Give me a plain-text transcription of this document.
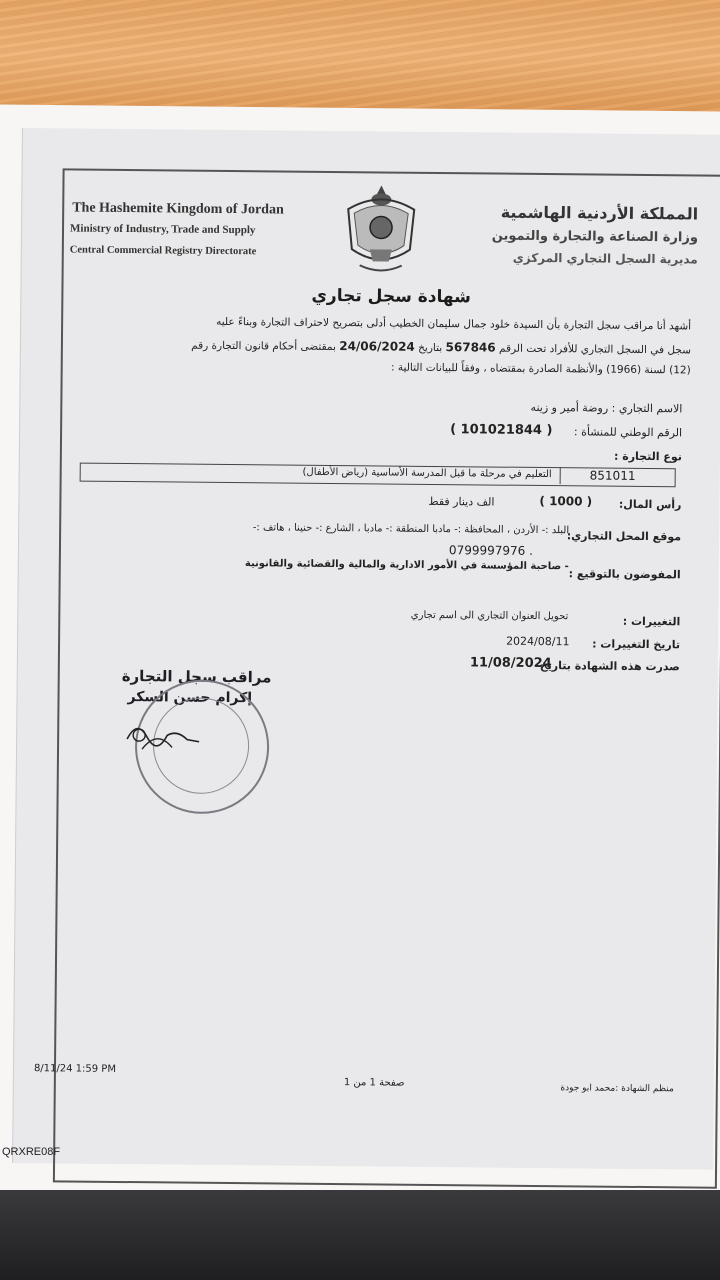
The Hashemite Kingdom of Jordan
Ministry of Industry, Trade and Supply
Central Commercial Registry Directorate
المملكة الأردنية الهاشمية
وزارة الصناعة والتجارة والتموين
مديرية السجل التجاري المركزي
شهادة سجل تجاري
أشهد أنا مراقب سجل التجارة بأن السيدة خلود جمال سليمان الخطيب أدلى بتصريح لاحتراف التجارة وبناءً عليه
سجل في السجل التجاري للأفراد تحت الرقم 567846 بتاريخ 24/06/2024 بمقتضى أحكام قانون التجارة رقم
(12) لسنة (1966) والأنظمة الصادرة بمقتضاه ، وفقاً للبيانات التالية :
الاسم التجاري : روضة أمير و زينه
الرقم الوطني للمنشأة :
( 101021844 )
نوع التجارة :
التعليم في مرحلة ما قبل المدرسة الأساسية (رياض الأطفال)	851011
رأس المال:
( 1000 )
الف دينار فقط
موقع المحل التجاري:
البلد :- الأردن ، المحافظة :- مادبا المنطقة :- مادبا ، الشارع :- حنينا ، هاتف :-
0799997976 .
المفوضون بالتوقيع :
- صاحبة المؤسسة في الأمور الادارية والمالية والقضائية والقانونية
التغييرات :
تحويل العنوان التجاري الى اسم تجاري
تاريخ التغييرات :
2024/08/11
صدرت هذه الشهادة بتاريخ
11/08/2024
مراقب سجل التجارة
إكرام حسن السكر
8/11/24 1:59 PM
صفحة 1 من 1
منظم الشهادة :محمد ابو جودة
QRXRE08F
